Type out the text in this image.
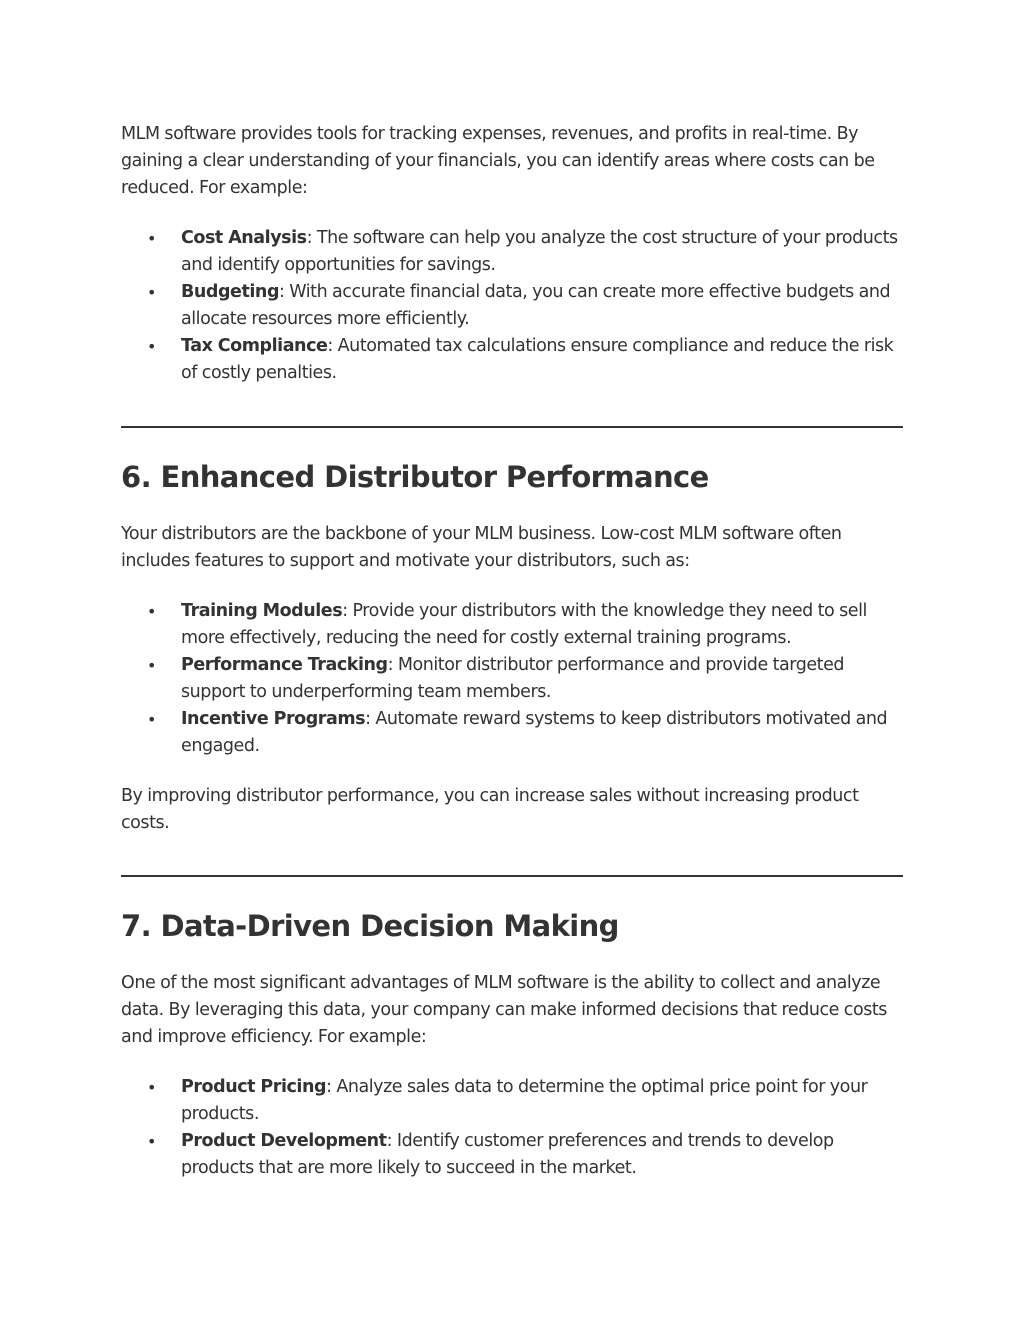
MLM software provides tools for tracking expenses, revenues, and profits in real-time. By gaining a clear understanding of your financials, you can identify areas where costs can be reduced. For example:

• Cost Analysis: The software can help you analyze the cost structure of your products and identify opportunities for savings.
• Budgeting: With accurate financial data, you can create more effective budgets and allocate resources more efficiently.
• Tax Compliance: Automated tax calculations ensure compliance and reduce the risk of costly penalties.
6. Enhanced Distributor Performance

Your distributors are the backbone of your MLM business. Low-cost MLM software often includes features to support and motivate your distributors, such as:

• Training Modules: Provide your distributors with the knowledge they need to sell more effectively, reducing the need for costly external training programs.
• Performance Tracking: Monitor distributor performance and provide targeted support to underperforming team members.
• Incentive Programs: Automate reward systems to keep distributors motivated and engaged.

By improving distributor performance, you can increase sales without increasing product costs.

7. Data-Driven Decision Making

One of the most significant advantages of MLM software is the ability to collect and analyze data. By leveraging this data, your company can make informed decisions that reduce costs and improve efficiency. For example:

• Product Pricing: Analyze sales data to determine the optimal price point for your products.
• Product Development: Identify customer preferences and trends to develop products that are more likely to succeed in the market.
